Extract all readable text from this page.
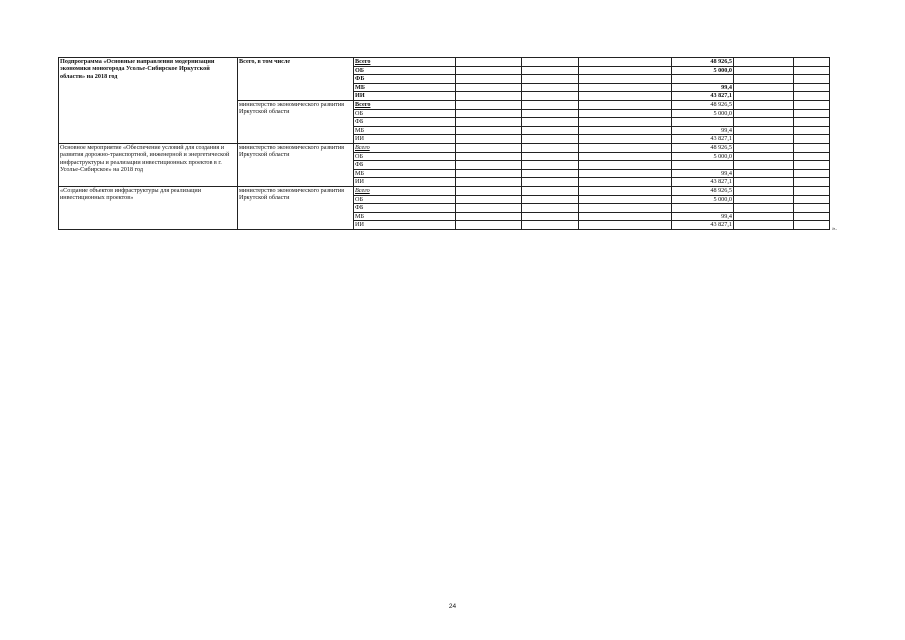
Подпрограмма «Основные направления модернизации экономики моногорода Усолье-Сибирское Иркутской области» на 2018 год	Всего, в том числе	Всего				48 926,5		
		ОБ				5 000,0		
		ФБ						
		МБ				99,4		
		ИИ				43 827,1		
	министерство экономического развития Иркутской области	Всего				48 926,5		
		ОБ				5 000,0		
		ФБ						
		МБ				99,4		
		ИИ				43 827,1		
Основное мероприятие «Обеспечение условий для создания и развития дорожно-транспортной, инженерной и энергетической инфраструктуры и реализации инвестиционных проектов в г. Усолье-Сибирское» на 2018 год	министерство экономического развития Иркутской области	Всего				48 926,5		
		ОБ				5 000,0		
		ФБ						
		МБ				99,4		
		ИИ				43 827,1		
«Создание объектов инфраструктуры для реализации инвестиционных проектов»	министерство экономического развития Иркутской области	Всего				48 926,5		
		ОБ				5 000,0		
		ФБ						
		МБ				99,4		
		ИИ				43 827,1		
».
24
